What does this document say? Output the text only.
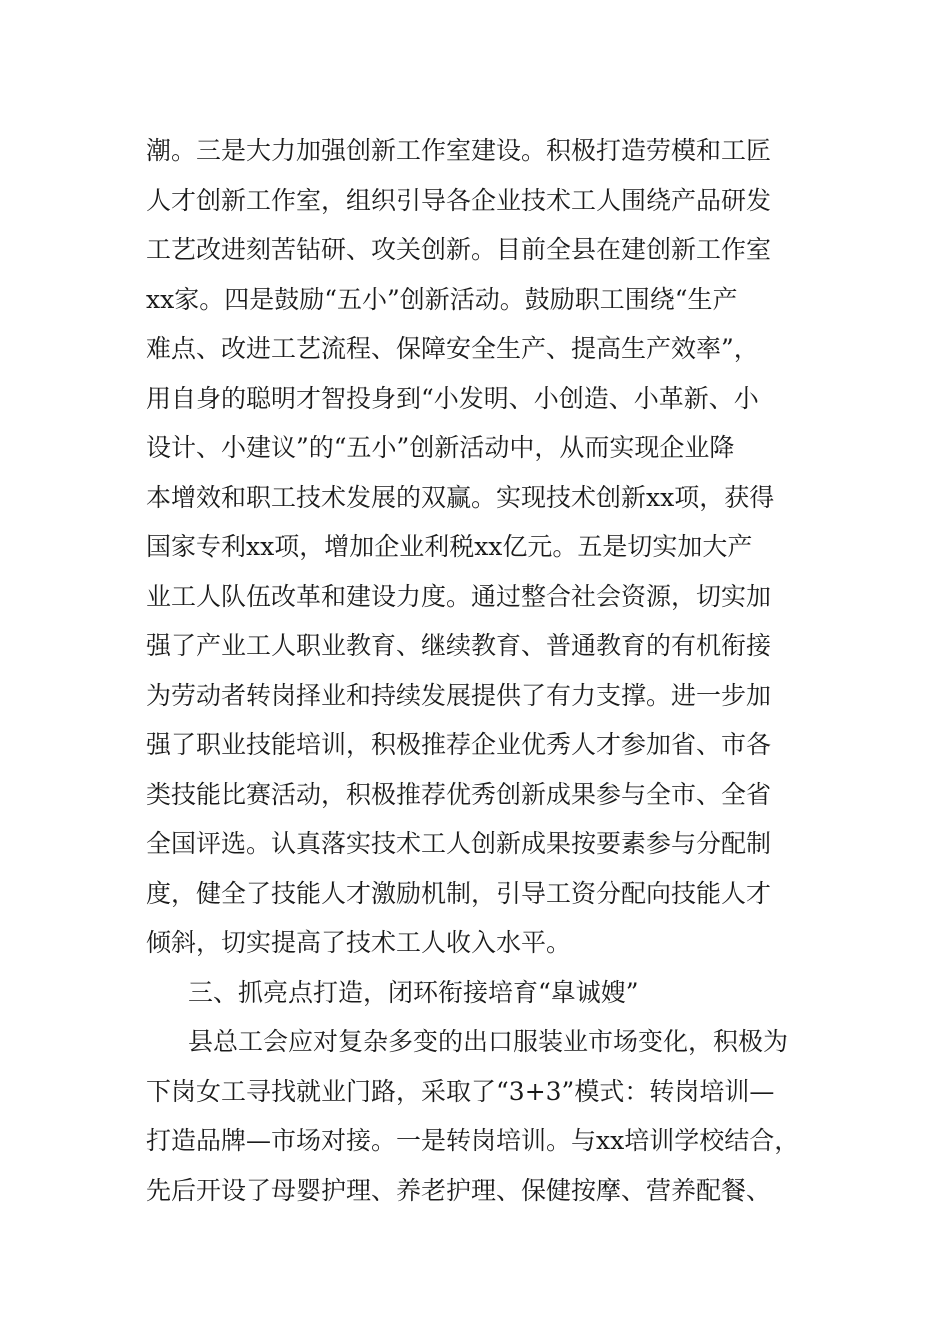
潮。三是大力加强创新工作室建设。积极打造劳模和工匠
人才创新工作室，组织引导各企业技术工人围绕产品研发
工艺改进刻苦钻研、攻关创新。目前全县在建创新工作室
xx家。四是鼓励“五小”创新活动。鼓励职工围绕“生产
难点、改进工艺流程、保障安全生产、提高生产效率”，
用自身的聪明才智投身到“小发明、小创造、小革新、小
设计、小建议”的“五小”创新活动中，从而实现企业降
本增效和职工技术发展的双赢。实现技术创新xx项，获得
国家专利xx项，增加企业利税xx亿元。五是切实加大产
业工人队伍改革和建设力度。通过整合社会资源，切实加
强了产业工人职业教育、继续教育、普通教育的有机衔接
为劳动者转岗择业和持续发展提供了有力支撑。进一步加
强了职业技能培训，积极推荐企业优秀人才参加省、市各
类技能比赛活动，积极推荐优秀创新成果参与全市、全省
全国评选。认真落实技术工人创新成果按要素参与分配制
度，健全了技能人才激励机制，引导工资分配向技能人才
倾斜，切实提高了技术工人收入水平。
三、抓亮点打造，闭环衔接培育“皐诚嫂”
县总工会应对复杂多变的出口服装业市场变化，积极为
下岗女工寻找就业门路，采取了“3+3”模式：转岗培训—
打造品牌—市场对接。一是转岗培训。与xx培训学校结合，
先后开设了母婴护理、养老护理、保健按摩、营养配餐、
